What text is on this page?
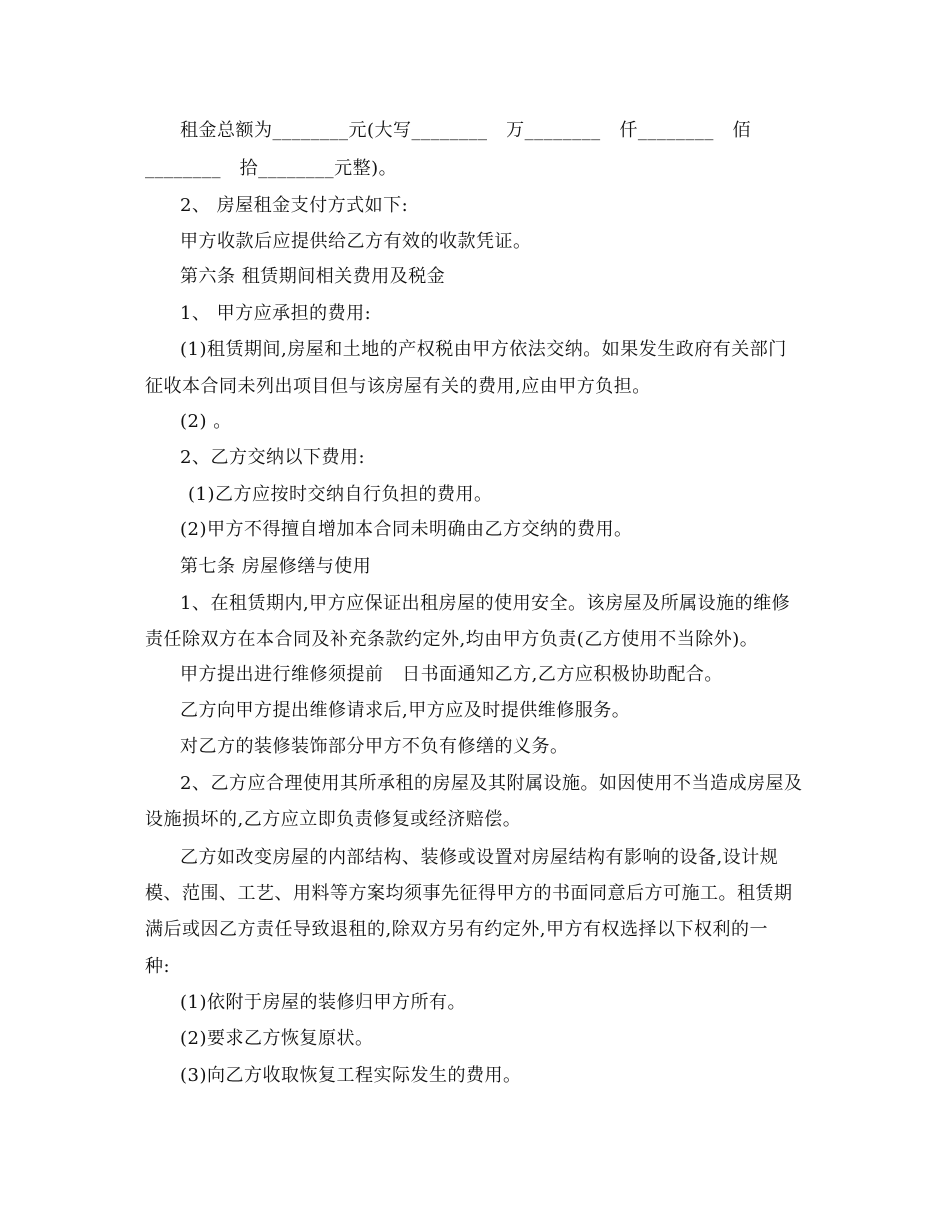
租金总额为________元(大写________   万________   仟________   佰
________   拾________元整)。
2、 房屋租金支付方式如下:
甲方收款后应提供给乙方有效的收款凭证。
第六条 租赁期间相关费用及税金
1、 甲方应承担的费用:
(1)租赁期间,房屋和土地的产权税由甲方依法交纳。如果发生政府有关部门
征收本合同未列出项目但与该房屋有关的费用,应由甲方负担。
(2) 。
2、乙方交纳以下费用:
(1)乙方应按时交纳自行负担的费用。
(2)甲方不得擅自增加本合同未明确由乙方交纳的费用。
第七条 房屋修缮与使用
1、在租赁期内,甲方应保证出租房屋的使用安全。该房屋及所属设施的维修
责任除双方在本合同及补充条款约定外,均由甲方负责(乙方使用不当除外)。
甲方提出进行维修须提前   日书面通知乙方,乙方应积极协助配合。
乙方向甲方提出维修请求后,甲方应及时提供维修服务。
对乙方的装修装饰部分甲方不负有修缮的义务。
2、乙方应合理使用其所承租的房屋及其附属设施。如因使用不当造成房屋及
设施损坏的,乙方应立即负责修复或经济赔偿。
乙方如改变房屋的内部结构、装修或设置对房屋结构有影响的设备,设计规
模、范围、工艺、用料等方案均须事先征得甲方的书面同意后方可施工。租赁期
满后或因乙方责任导致退租的,除双方另有约定外,甲方有权选择以下权利的一
种:
(1)依附于房屋的装修归甲方所有。
(2)要求乙方恢复原状。
(3)向乙方收取恢复工程实际发生的费用。
